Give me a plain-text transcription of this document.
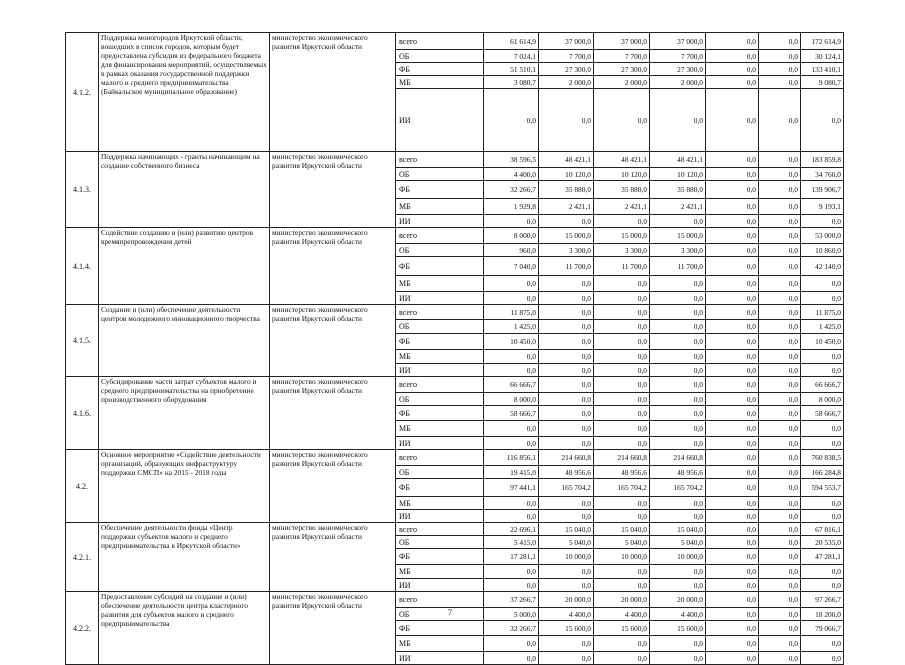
4.1.2.	Поддержка моногородов Иркутской области, вошедших в список городов, которым будет предоставлена субсидия из федерального бюджета для финансирования мероприятий, осуществляемых в рамках оказания государственной поддержки малого и среднего предпринимательства (Байкальское муниципальное образование)	министерство экономического развития Иркутской области	всего	61 614,9	37 000,0	37 000,0	37 000,0	0,0	0,0	172 614,9
			ОБ	7 024,1	7 700,0	7 700,0	7 700,0	0,0	0,0	30 124,1
			ФБ	51 510,1	27 300,0	27 300,0	27 300,0	0,0	0,0	133 410,1
			МБ	3 080,7	2 000,0	2 000,0	2 000,0	0,0	0,0	9 080,7
			ИИ	0,0	0,0	0,0	0,0	0,0	0,0	0,0
4.1.3.	Поддержка начинающих - гранты начинающим на создание собственного бизнеса	министерство экономического развития Иркутской области	всего	38 596,5	48 421,1	48 421,1	48 421,1	0,0	0,0	183 859,8
			ОБ	4 400,0	10 120,0	10 120,0	10 120,0	0,0	0,0	34 760,0
			ФБ	32 266,7	35 880,0	35 880,0	35 880,0	0,0	0,0	139 906,7
			МБ	1 929,8	2 421,1	2 421,1	2 421,1	0,0	0,0	9 193,1
			ИИ	0,0	0,0	0,0	0,0	0,0	0,0	0,0
4.1.4.	Содействие созданию и (или) развитию центров времяпрепровождения детей	министерство экономического развития Иркутской области	всего	8 000,0	15 000,0	15 000,0	15 000,0	0,0	0,0	53 000,0
			ОБ	960,0	3 300,0	3 300,0	3 300,0	0,0	0,0	10 860,0
			ФБ	7 040,0	11 700,0	11 700,0	11 700,0	0,0	0,0	42 140,0
			МБ	0,0	0,0	0,0	0,0	0,0	0,0	0,0
			ИИ	0,0	0,0	0,0	0,0	0,0	0,0	0,0
4.1.5.	Создание и (или) обеспечение деятельности центров молодежного инновационного творчества	министерство экономического развития Иркутской области	всего	11 875,0	0,0	0,0	0,0	0,0	0,0	11 875,0
			ОБ	1 425,0	0,0	0,0	0,0	0,0	0,0	1 425,0
			ФБ	10 450,0	0,0	0,0	0,0	0,0	0,0	10 450,0
			МБ	0,0	0,0	0,0	0,0	0,0	0,0	0,0
			ИИ	0,0	0,0	0,0	0,0	0,0	0,0	0,0
4.1.6.	Субсидирование части затрат субъектов малого и среднего предпринимательства на приобретение производственного оборудования	министерство экономического развития Иркутской области	всего	66 666,7	0,0	0,0	0,0	0,0	0,0	66 666,7
			ОБ	8 000,0	0,0	0,0	0,0	0,0	0,0	8 000,0
			ФБ	58 666,7	0,0	0,0	0,0	0,0	0,0	58 666,7
			МБ	0,0	0,0	0,0	0,0	0,0	0,0	0,0
			ИИ	0,0	0,0	0,0	0,0	0,0	0,0	0,0
4.2.	Основное мероприятие «Содействие деятельности организаций, образующих инфраструктуру поддержки СМСП» на 2015 - 2018 годы	министерство экономического развития Иркутской области	всего	116 856,1	214 660,8	214 660,8	214 660,8	0,0	0,0	760 838,5
			ОБ	19 415,0	48 956,6	48 956,6	48 956,6	0,0	0,0	166 284,8
			ФБ	97 441,1	165 704,2	165 704,2	165 704,2	0,0	0,0	594 553,7
			МБ	0,0	0,0	0,0	0,0	0,0	0,0	0,0
			ИИ	0,0	0,0	0,0	0,0	0,0	0,0	0,0
4.2.1.	Обеспечение деятельности фонда «Центр поддержки субъектов малого и среднего предпринимательства в Иркутской области»	министерство экономического развития Иркутской области	всего	22 696,1	15 040,0	15 040,0	15 040,0	0,0	0,0	67 816,1
			ОБ	5 415,0	5 040,0	5 040,0	5 040,0	0,0	0,0	20 535,0
			ФБ	17 281,1	10 000,0	10 000,0	10 000,0	0,0	0,0	47 281,1
			МБ	0,0	0,0	0,0	0,0	0,0	0,0	0,0
			ИИ	0,0	0,0	0,0	0,0	0,0	0,0	0,0
4.2.2.	Предоставление субсидий на создание и (или) обеспечение деятельности центра кластерного развития для субъектов малого и среднего предпринимательства	министерство экономического развития Иркутской области	всего	37 266,7	20 000,0	20 000,0	20 000,0	0,0	0,0	97 266,7
			ОБ	5 000,0	4 400,0	4 400,0	4 400,0	0,0	0,0	18 200,0
			ФБ	32 266,7	15 600,0	15 600,0	15 600,0	0,0	0,0	79 066,7
			МБ	0,0	0,0	0,0	0,0	0,0	0,0	0,0
			ИИ	0,0	0,0	0,0	0,0	0,0	0,0	0,0
7
